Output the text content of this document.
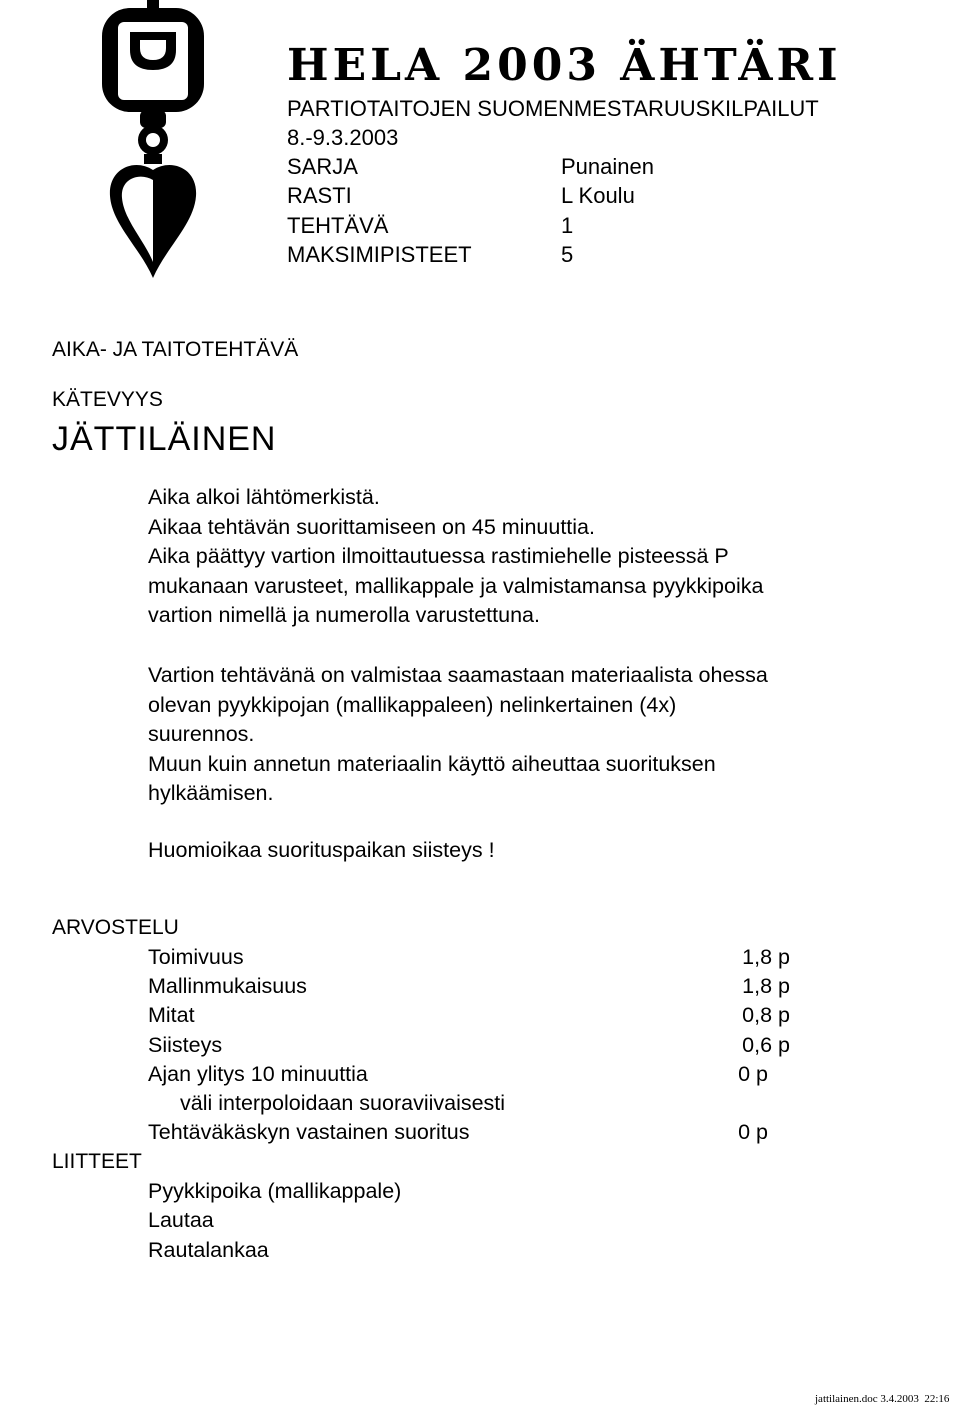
HELA 2003 ÄHTÄRI
PARTIOTAITOJEN SUOMENMESTARUUSKILPAILUT
8.-9.3.2003
SARJA	Punainen
RASTI	L Koulu
TEHTÄVÄ	1
MAKSIMIPISTEET	5
AIKA- JA TAITOTEHTÄVÄ
KÄTEVYYS
JÄTTILÄINEN
Aika alkoi lähtömerkistä.
Aikaa tehtävän suorittamiseen on 45 minuuttia.
Aika päättyy vartion ilmoittautuessa rastimiehelle pisteessä P
mukanaan varusteet, mallikappale ja valmistamansa pyykkipoika
vartion nimellä ja numerolla varustettuna.
Vartion tehtävänä on valmistaa saamastaan materiaalista ohessa
olevan pyykkipojan (mallikappaleen) nelinkertainen (4x)
suurennos.
Muun kuin annetun materiaalin käyttö aiheuttaa suorituksen
hylkäämisen.
Huomioikaa suorituspaikan siisteys !
ARVOSTELU
Toimivuus	1,8 p
Mallinmukaisuus	1,8 p
Mitat	0,8 p
Siisteys	0,6 p
Ajan ylitys 10 minuuttia	0 p
väli interpoloidaan suoraviivaisesti
Tehtäväkäskyn vastainen suoritus	0 p
LIITTEET
Pyykkipoika (mallikappale)
Lautaa
Rautalankaa
jattilainen.doc 3.4.2003  22:16
